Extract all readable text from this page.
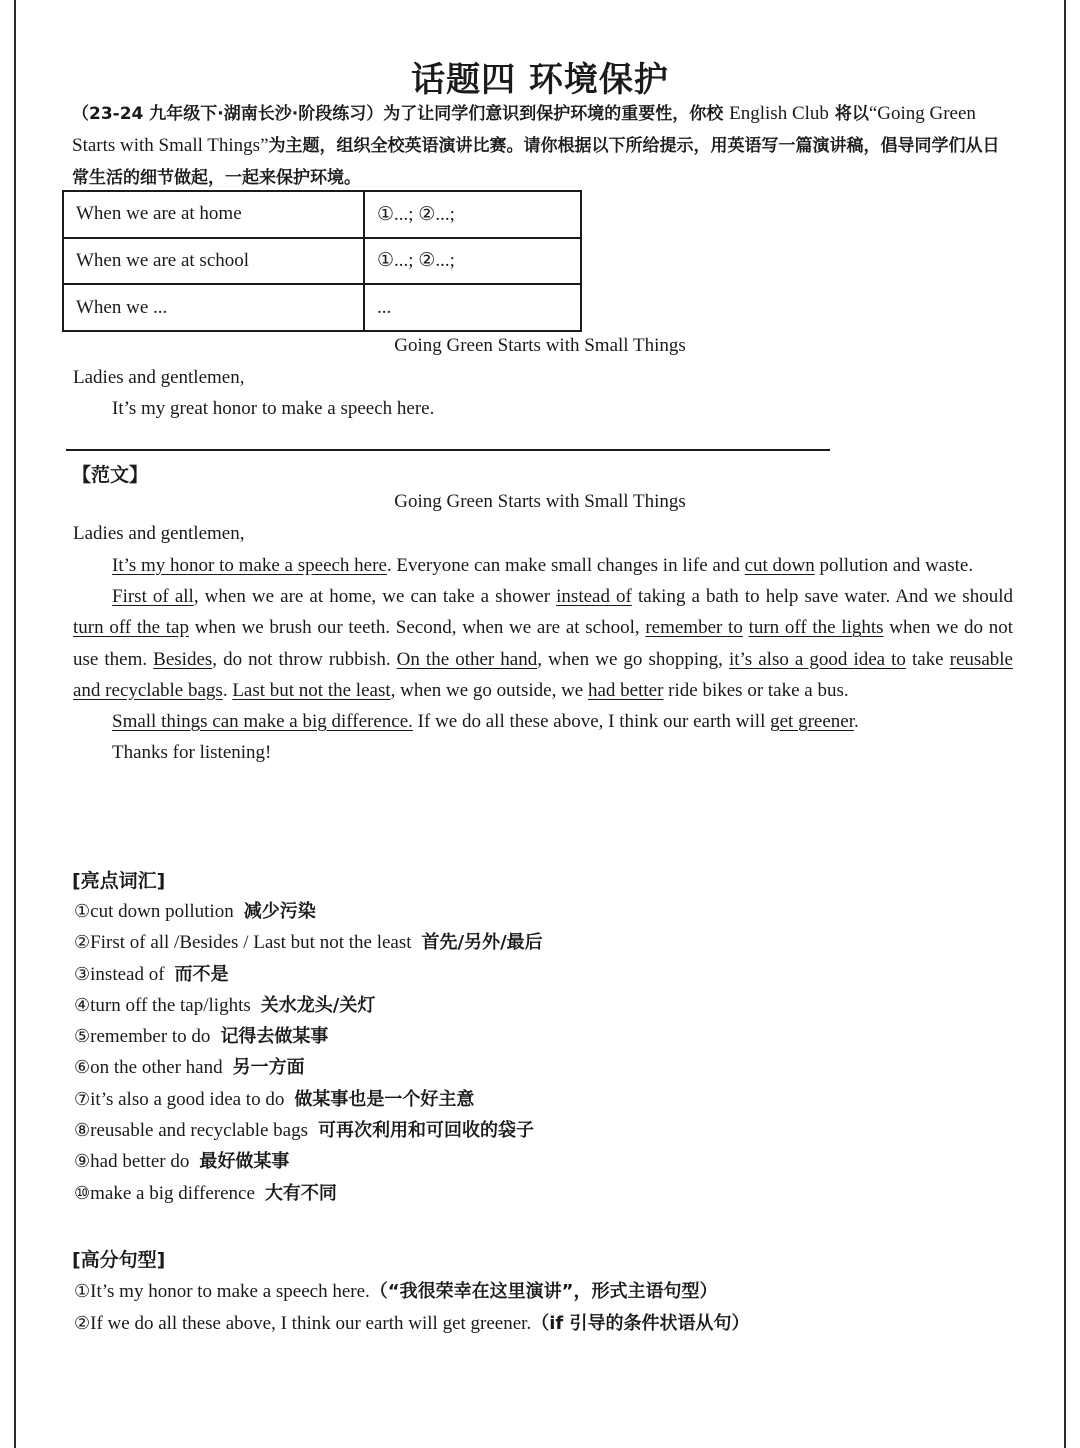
话题四 环境保护
（23-24 九年级下·湖南长沙·阶段练习）为了让同学们意识到保护环境的重要性，你校 English Club 将以“Going Green Starts with Small Things”为主题，组织全校英语演讲比赛。请你根据以下所给提示，用英语写一篇演讲稿，倡导同学们从日常生活的细节做起，一起来保护环境。
When we are at home	①...; ②...;
When we are at school	①...; ②...;
When we ...	...
Going Green Starts with Small Things
Ladies and gentlemen,
It’s my great honor to make a speech here.
【范文】
Going Green Starts with Small Things
Ladies and gentlemen,

It’s my honor to make a speech here. Everyone can make small changes in life and cut down pollution and waste.

First of all, when we are at home, we can take a shower instead of taking a bath to help save water. And we should turn off the tap when we brush our teeth. Second, when we are at school, remember to turn off the lights when we do not use them. Besides, do not throw rubbish. On the other hand, when we go shopping, it’s also a good idea to take reusable and recyclable bags. Last but not the least, when we go outside, we had better ride bikes or take a bus.

Small things can make a big difference. If we do all these above, I think our earth will get greener.

Thanks for listening!

[亮点词汇]
①cut down pollution 减少污染
②First of all /Besides / Last but not the least 首先/另外/最后
③instead of 而不是
④turn off the tap/lights 关水龙头/关灯
⑤remember to do 记得去做某事
⑥on the other hand 另一方面
⑦it’s also a good idea to do 做某事也是一个好主意
⑧reusable and recyclable bags 可再次利用和可回收的袋子
⑨had better do 最好做某事
⑩make a big difference 大有不同
[高分句型]
①It’s my honor to make a speech here.（“我很荣幸在这里演讲”，形式主语句型）
②If we do all these above, I think our earth will get greener.（if 引导的条件状语从句）
